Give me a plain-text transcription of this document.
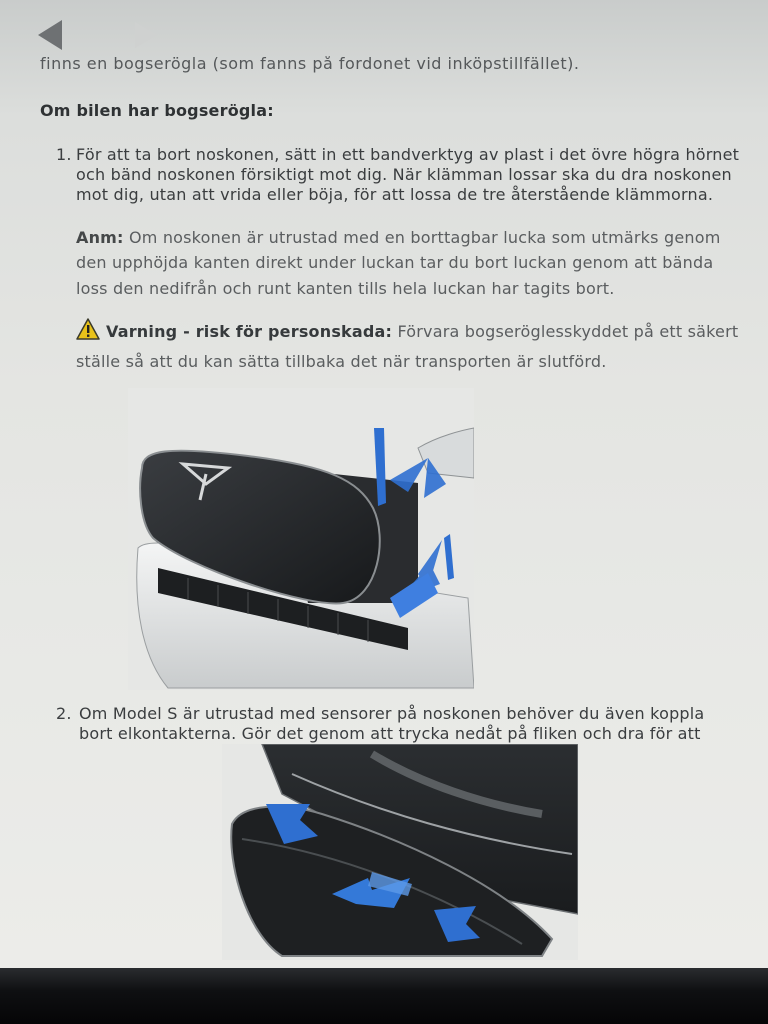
finns en bogserögla (som fanns på fordonet vid inköpstillfället).
Om bilen har bogserögla:
1. För att ta bort noskonen, sätt in ett bandverktyg av plast i det övre högra hörnet
och bänd noskonen försiktigt mot dig. När klämman lossar ska du dra noskonen
mot dig, utan att vrida eller böja, för att lossa de tre återstående klämmorna.
Anm: Om noskonen är utrustad med en borttagbar lucka som utmärks genom
den upphöjda kanten direkt under luckan tar du bort luckan genom att bända
loss den nedifrån och runt kanten tills hela luckan har tagits bort.
Varning - risk för personskada: Förvara bogseröglesskyddet på ett säkert
ställe så att du kan sätta tillbaka det när transporten är slutförd.
2. Om Model S är utrustad med sensorer på noskonen behöver du även koppla
bort elkontakterna. Gör det genom att trycka nedåt på fliken och dra för att
